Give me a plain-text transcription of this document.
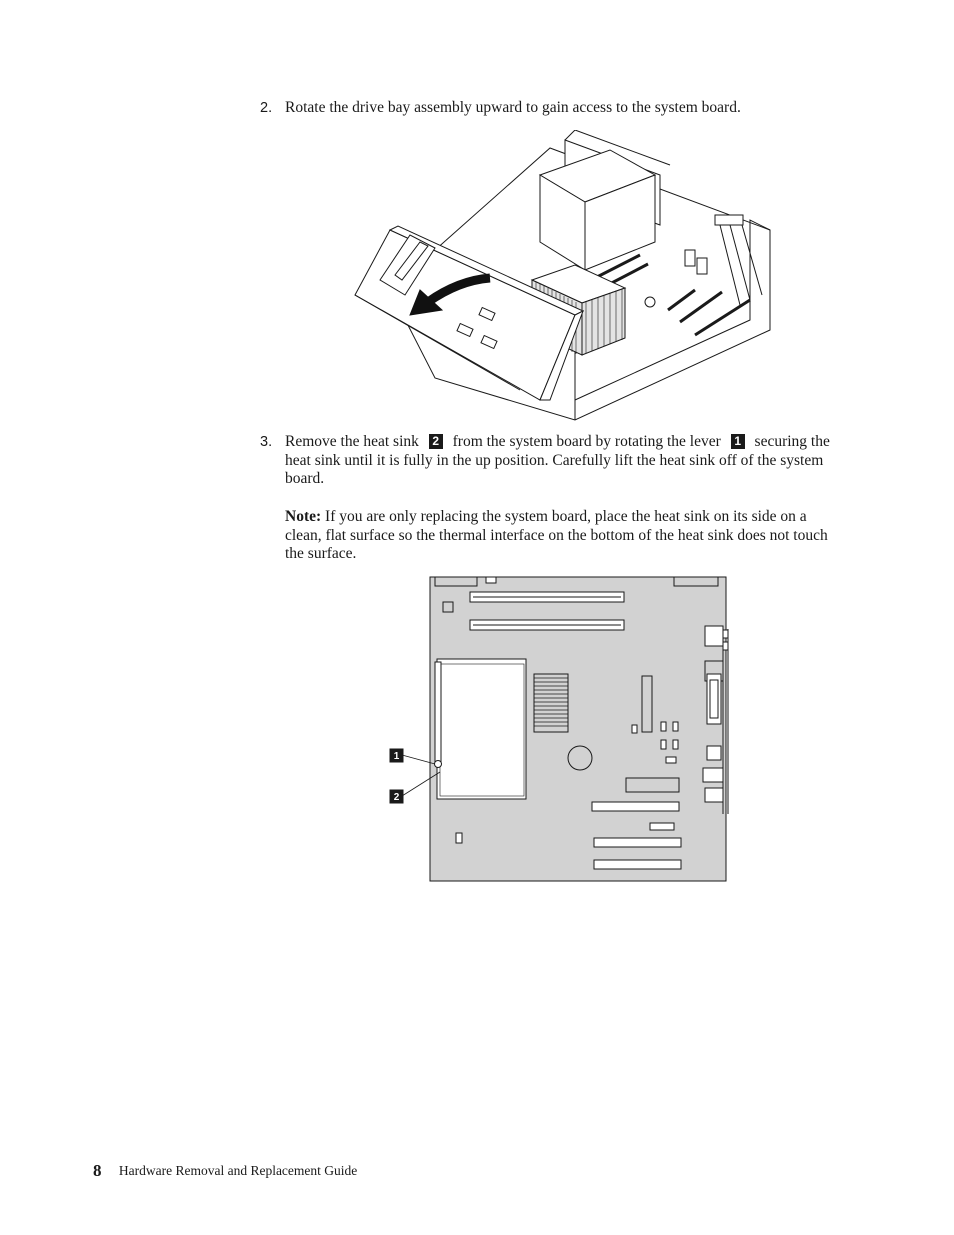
2. Rotate the drive bay assembly upward to gain access to the system board.
3. Remove the heat sink 2 from the system board by rotating the lever 1 securing the heat sink until it is fully in the up position. Carefully lift the heat sink off of the system board.
Note: If you are only replacing the system board, place the heat sink on its side on a clean, flat surface so the thermal interface on the bottom of the heat sink does not touch the surface.
1
2
8 Hardware Removal and Replacement Guide
